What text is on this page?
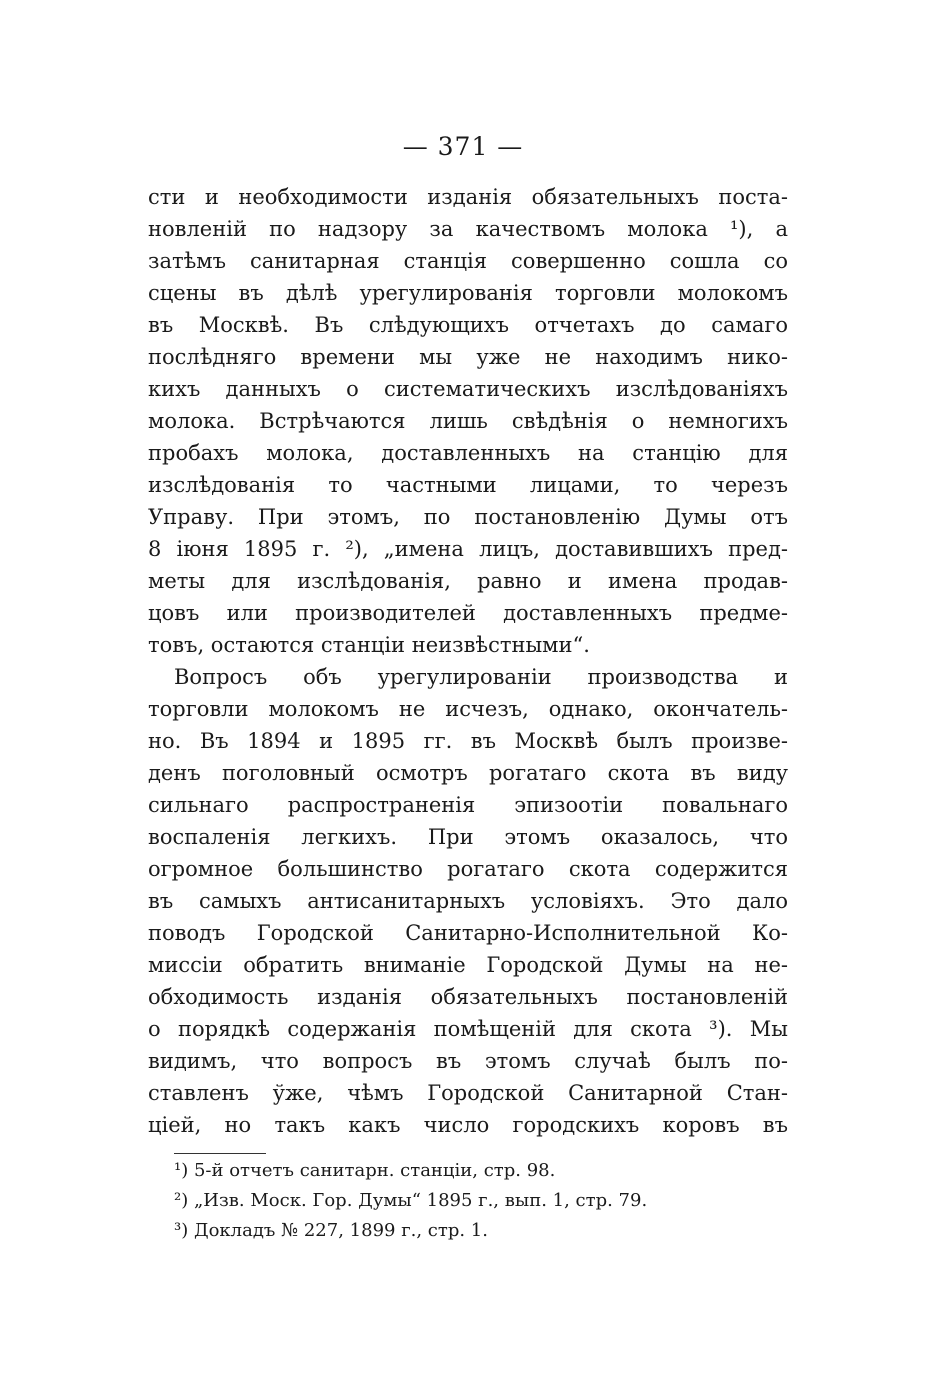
— 371 —
сти и необходимости изданія обязательныхъ поста-
новленій по надзору за качествомъ молока ¹), а
затѣмъ санитарная станція совершенно сошла со
сцены въ дѣлѣ урегулированія торговли молокомъ
въ Москвѣ. Въ слѣдующихъ отчетахъ до самаго
послѣдняго времени мы уже не находимъ нико-
кихъ данныхъ о систематическихъ изслѣдованіяхъ
молока. Встрѣчаются лишь свѣдѣнія о немногихъ
пробахъ молока, доставленныхъ на станцію для
изслѣдованія то частными лицами, то черезъ
Управу. При этомъ, по постановленію Думы отъ
8 іюня 1895 г. ²), „имена лицъ, доставившихъ пред-
меты для изслѣдованія, равно и имена продав-
цовъ или производителей доставленныхъ предме-
товъ, остаются станціи неизвѣстными“.
Вопросъ объ урегулированіи производства и
торговли молокомъ не исчезъ, однако, окончатель-
но. Въ 1894 и 1895 гг. въ Москвѣ былъ произве-
денъ поголовный осмотръ рогатаго скота въ виду
сильнаго распространенія эпизоотіи повальнаго
воспаленія легкихъ. При этомъ оказалось, что
огромное большинство рогатаго скота содержится
въ самыхъ антисанитарныхъ условіяхъ. Это дало
поводъ Городской Санитарно-Исполнительной Ко-
миссіи обратить вниманіе Городской Думы на не-
обходимость изданія обязательныхъ постановленій
о порядкѣ содержанія помѣщеній для скота ³). Мы
видимъ, что вопросъ въ этомъ случаѣ былъ по-
ставленъ ўже, чѣмъ Городской Санитарной Стан-
ціей, но такъ какъ число городскихъ коровъ въ
¹) 5-й отчетъ санитарн. станціи, стр. 98.
²) „Изв. Моск. Гор. Думы“ 1895 г., вып. 1, стр. 79.
³) Докладъ № 227, 1899 г., стр. 1.
